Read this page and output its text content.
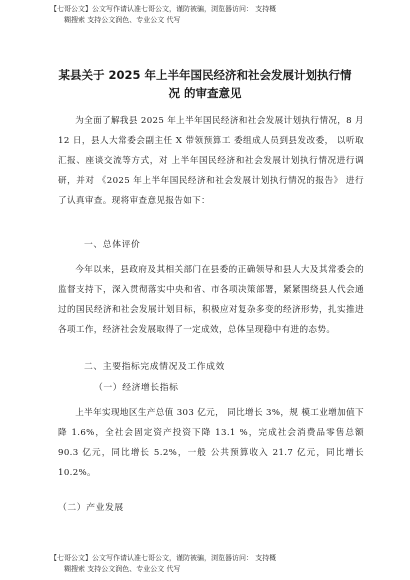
【七哥公文】公文写作请认准七哥公文，谨防被骗，浏览器访问： 支持概
糊搜索 支持公文润色、专业公文 代写
某县关于 2025 年上半年国民经济和社会发展计划执行情
况 的审查意见
为全面了解我县 2025 年上半年国民经济和社会发展计划执行情况，8 月 12 日，县人大常委会副主任 X 带领预算工 委组成人员到县发改委， 以听取汇报、座谈交流等方式，对 上半年国民经济和社会发展计划执行情况进行调研，并对 《2025 年上半年国民经济和社会发展计划执行情况的报告》 进行了认真审查。现将审查意见报告如下：
一、总体评价
今年以来，县政府及其相关部门在县委的正确领导和县人大及其常委会的监督支持下，深入贯彻落实中央和省、市各项决策部署，紧紧围绕县人代会通过的国民经济和社会发展计划目标，积极应对复杂多变的经济形势，扎实推进各项工作，经济社会发展取得了一定成效，总体呈现稳中有进的态势。
二、主要指标完成情况及工作成效
（一）经济增长指标
上半年实现地区生产总值 303 亿元， 同比增长 3%，规 模工业增加值下降 1.6%，全社会固定资产投资下降 13.1 %，完成社会消费品零售总额 90.3 亿元，同比增长 5.2%，一般 公共预算收入 21.7 亿元，同比增长 10.2%。
（二）产业发展
【七哥公文】公文写作请认准七哥公文，谨防被骗，浏览器访问： 支持概
糊搜索 支持公文润色、专业公文 代写
